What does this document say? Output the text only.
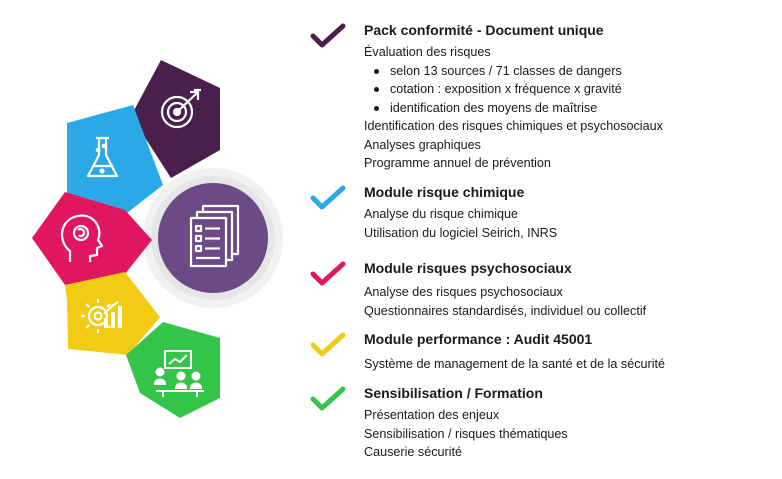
Pack conformité - Document unique
Évaluation des risques
selon 13 sources / 71 classes de dangers
cotation : exposition x fréquence x gravité
identification des moyens de maîtrise
Identification des risques chimiques et psychosociaux
Analyses graphiques
Programme annuel de prévention
Module risque chimique
Analyse du risque chimique
Utilisation du logiciel Seirich, INRS
Module risques psychosociaux
Analyse des risques psychosociaux
Questionnaires standardisés, individuel ou collectif
Module performance : Audit 45001
Système de management de la santé et de la sécurité
Sensibilisation / Formation
Présentation des enjeux
Sensibilisation / risques thématiques
Causerie sécurité
